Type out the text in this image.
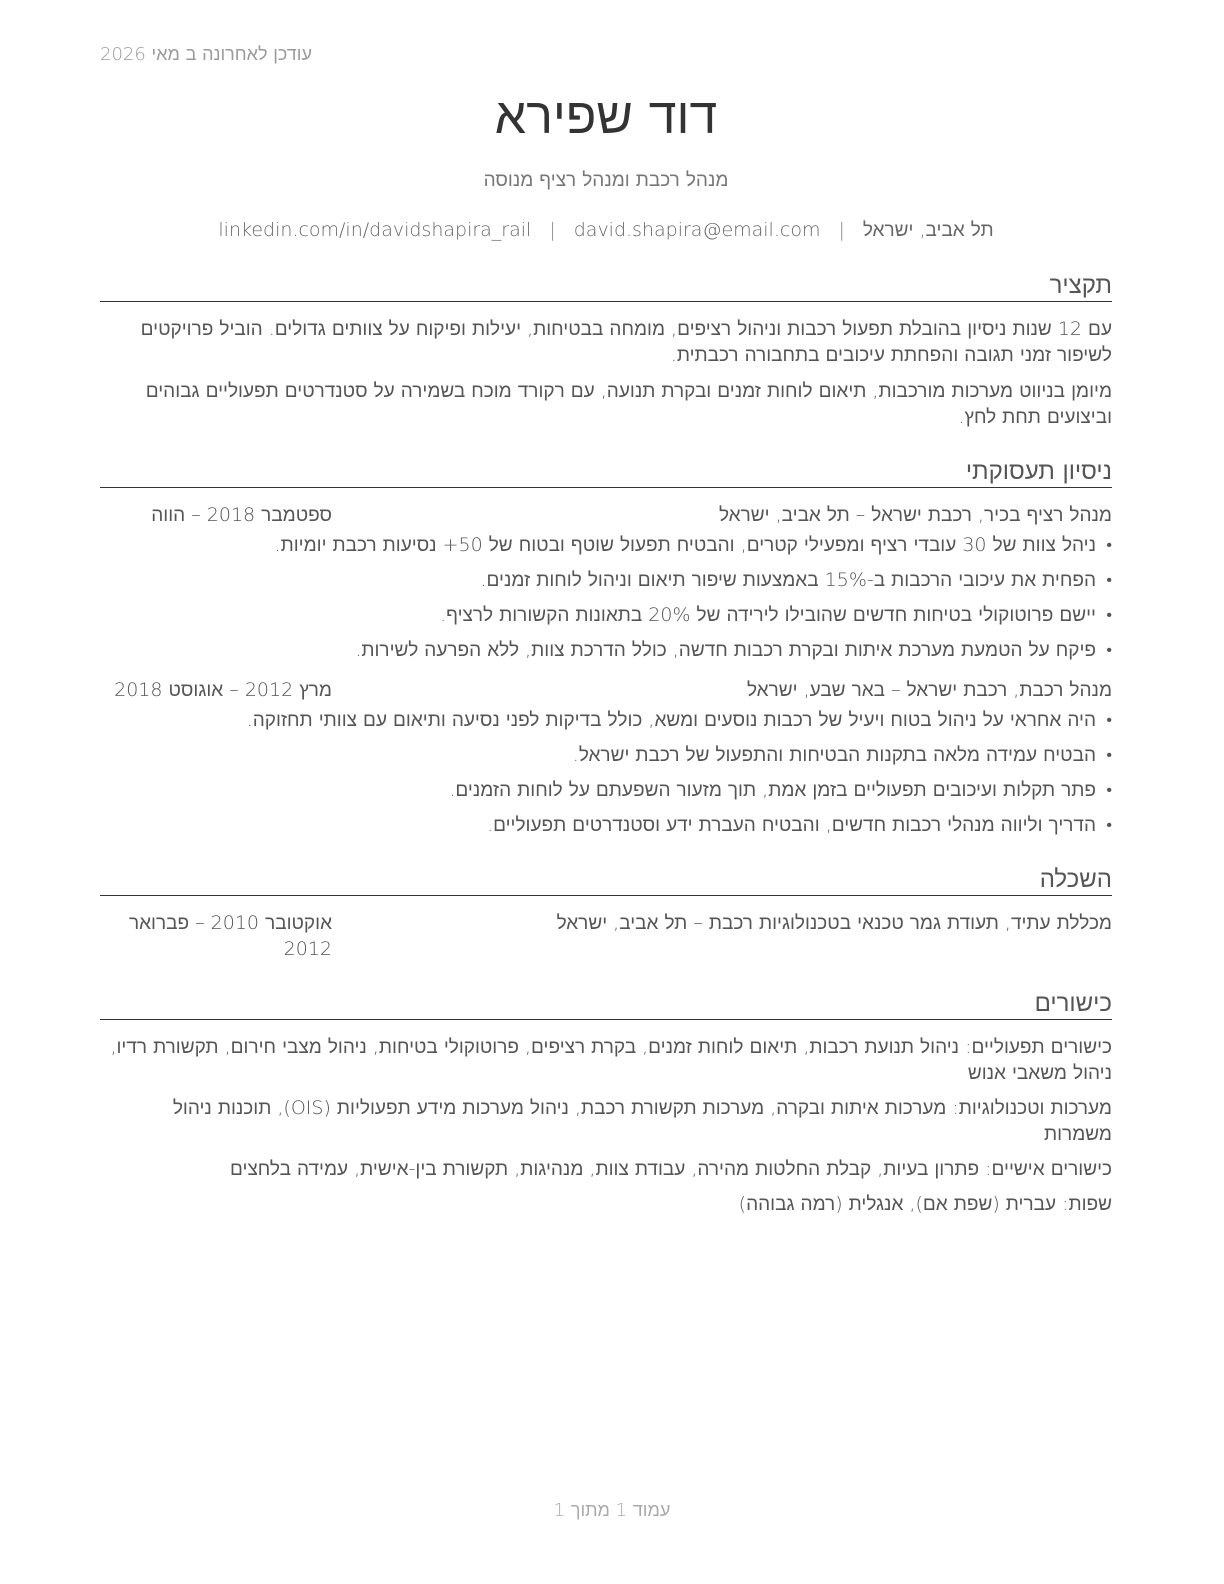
עודכן לאחרונה ב מאי 2026
דוד שפירא
מנהל רכבת ומנהל רציף מנוסה
תל אביב, ישראל|david.shapira@email.com|linkedin.com/in/davidshapira_rail
תקציר

עם 12 שנות ניסיון בהובלת תפעול רכבות וניהול רציפים, מומחה בבטיחות, יעילות ופיקוח על צוותים גדולים. הוביל פרויקטים לשיפור זמני תגובה והפחתת עיכובים בתחבורה רכבתית.

מיומן בניווט מערכות מורכבות, תיאום לוחות זמנים ובקרת תנועה, עם רקורד מוכח בשמירה על סטנדרטים תפעוליים גבוהים וביצועים תחת לחץ.

ניסיון תעסוקתי
מנהל רציף בכיר, רכבת ישראל – תל אביב, ישראל
ספטמבר 2018 – הווה
• ניהל צוות של 30 עובדי רציף ומפעילי קטרים, והבטיח תפעול שוטף ובטוח של 50+ נסיעות רכבת יומיות.
• הפחית את עיכובי הרכבות ב-15% באמצעות שיפור תיאום וניהול לוחות זמנים.
• יישם פרוטוקולי בטיחות חדשים שהובילו לירידה של 20% בתאונות הקשורות לרציף.
• פיקח על הטמעת מערכת איתות ובקרת רכבות חדשה, כולל הדרכת צוות, ללא הפרעה לשירות.
מנהל רכבת, רכבת ישראל – באר שבע, ישראל
מרץ 2012 – אוגוסט 2018
• היה אחראי על ניהול בטוח ויעיל של רכבות נוסעים ומשא, כולל בדיקות לפני נסיעה ותיאום עם צוותי תחזוקה.
• הבטיח עמידה מלאה בתקנות הבטיחות והתפעול של רכבת ישראל.
• פתר תקלות ועיכובים תפעוליים בזמן אמת, תוך מזעור השפעתם על לוחות הזמנים.
• הדריך וליווה מנהלי רכבות חדשים, והבטיח העברת ידע וסטנדרטים תפעוליים.
השכלה
מכללת עתיד, תעודת גמר טכנאי בטכנולוגיות רכבת – תל אביב, ישראל
אוקטובר 2010 – פברואר 2012
כישורים
כישורים תפעוליים: ניהול תנועת רכבות, תיאום לוחות זמנים, בקרת רציפים, פרוטוקולי בטיחות, ניהול מצבי חירום, תקשורת רדיו, ניהול משאבי אנוש
מערכות וטכנולוגיות: מערכות איתות ובקרה, מערכות תקשורת רכבת, ניהול מערכות מידע תפעוליות (OIS), תוכנות ניהול משמרות
כישורים אישיים: פתרון בעיות, קבלת החלטות מהירה, עבודת צוות, מנהיגות, תקשורת בין-אישית, עמידה בלחצים
שפות: עברית (שפת אם), אנגלית (רמה גבוהה)
עמוד 1 מתוך 1
